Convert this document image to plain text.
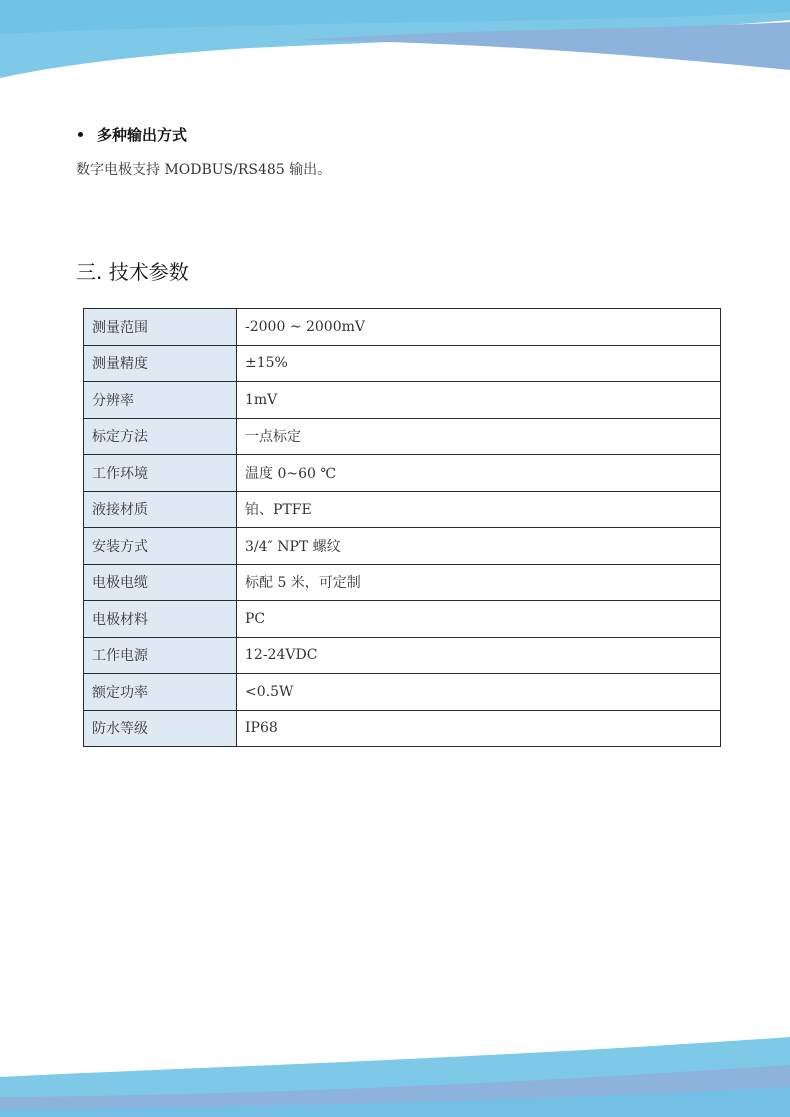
多种输出方式
数字电极支持 MODBUS/RS485 输出。
三. 技术参数
测量范围	-2000 ~ 2000mV
测量精度	±15%
分辨率	1mV
标定方法	一点标定
工作环境	温度 0~60 ℃
液接材质	铂、PTFE
安装方式	3/4″ NPT 螺纹
电极电缆	标配 5 米，可定制
电极材料	PC
工作电源	12-24VDC
额定功率	<0.5W
防水等级	IP68
